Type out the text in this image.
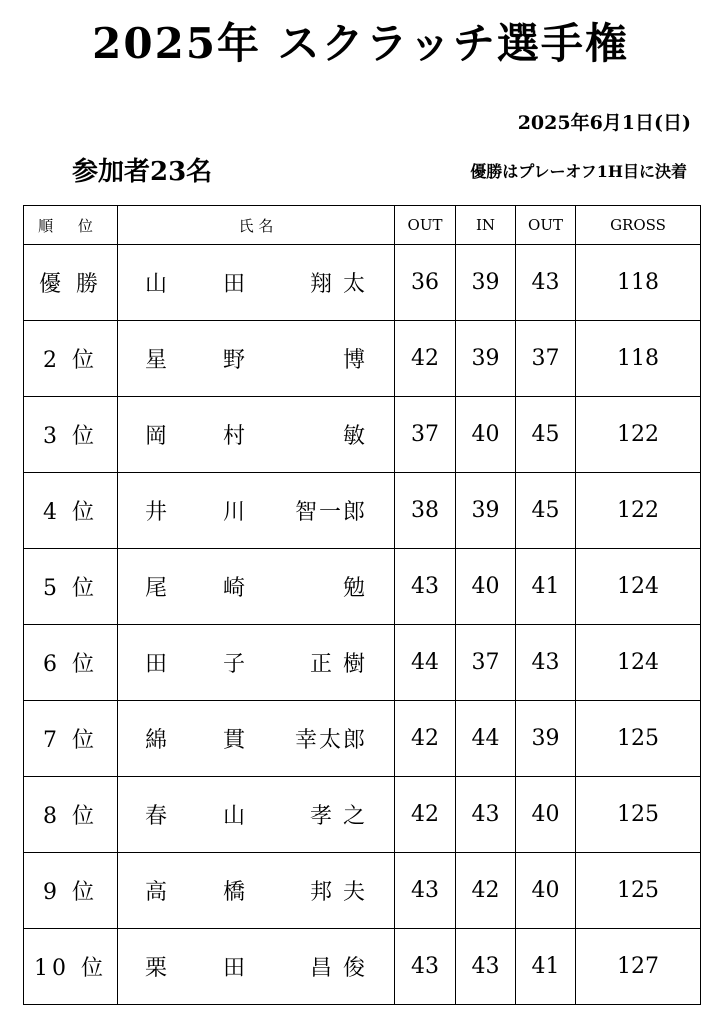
2025年 スクラッチ選手権
2025年6月1日(日)
参加者23名	優勝はプレーオフ1H目に決着
順 位	氏 名	OUT	IN	OUT	GROSS
優 勝	山田 翔 太	36	39	43	118
2 位	星野 博	42	39	37	118
3 位	岡村 敏	37	40	45	122
4 位	井川 智一郎	38	39	45	122
5 位	尾崎 勉	43	40	41	124
6 位	田子 正 樹	44	37	43	124
7 位	綿貫 幸太郎	42	44	39	125
8 位	春山 孝 之	42	43	40	125
9 位	高橋 邦 夫	43	42	40	125
10 位	栗田 昌 俊	43	43	41	127
